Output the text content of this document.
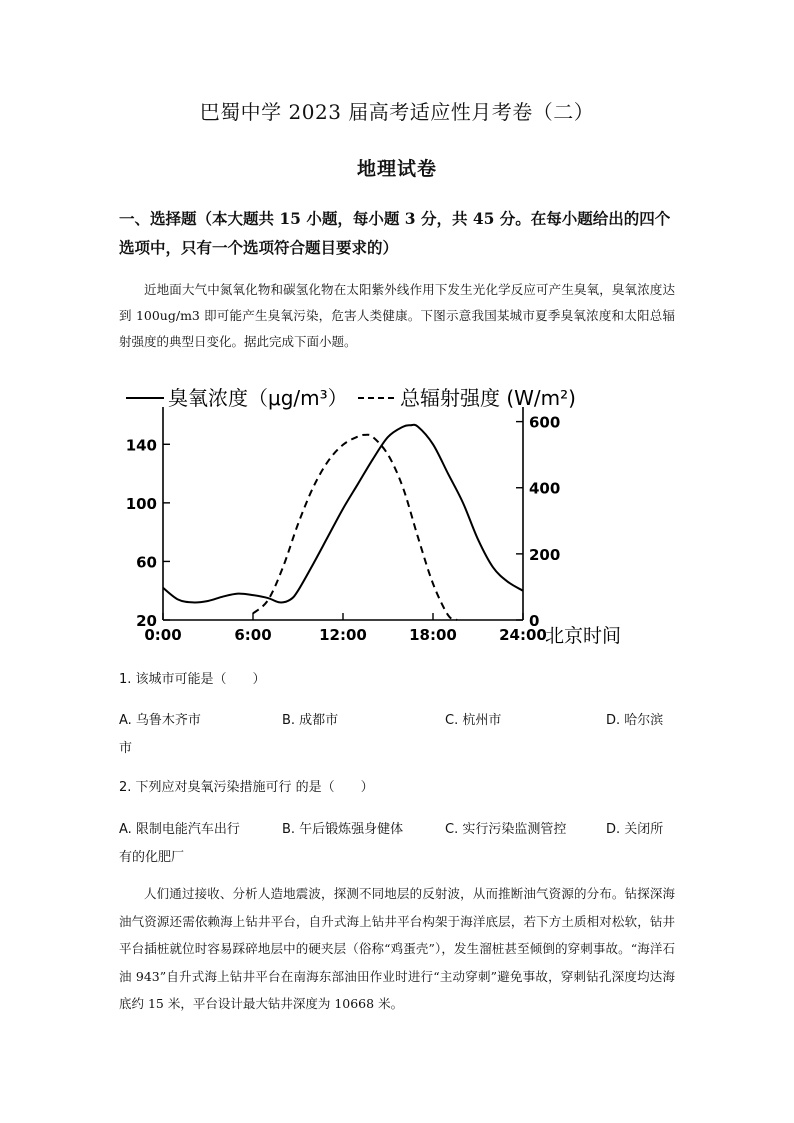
巴蜀中学 2023 届高考适应性月考卷（二）
地理试卷
一、选择题（本大题共 15 小题，每小题 3 分，共 45 分。在每小题给出的四个选项中，只有一个选项符合题目要求的）
近地面大气中氮氧化物和碳氢化物在太阳紫外线作用下发生光化学反应可产生臭氧，臭氧浓度达到 100ug/m3 即可能产生臭氧污染，危害人类健康。下图示意我国某城市夏季臭氧浓度和太阳总辐射强度的典型日变化。据此完成下面小题。
臭氧浓度（μg/m³）	总辐射强度 (W/m²)
20
60
100
140
0
200
400
600
0:00	6:00	12:00	18:00	24:00
北京时间
1. 该城市可能是（　　）
A. 乌鲁木齐市	B. 成都市	C. 杭州市	D. 哈尔滨
市
2. 下列应对臭氧污染措施可行 的是（　　）
A. 限制电能汽车出行	B. 午后锻炼强身健体	C. 实行污染监测管控	D. 关闭所
有的化肥厂
人们通过接收、分析人造地震波，探测不同地层的反射波，从而推断油气资源的分布。钻探深海油气资源还需依赖海上钻井平台，自升式海上钻井平台构架于海洋底层，若下方土质相对松软，钻井平台插桩就位时容易踩碎地层中的硬夹层（俗称“鸡蛋壳”），发生溜桩甚至倾倒的穿刺事故。“海洋石油 943”自升式海上钻井平台在南海东部油田作业时进行“主动穿刺”避免事故，穿刺钻孔深度均达海底约 15 米，平台设计最大钻井深度为 10668 米。
